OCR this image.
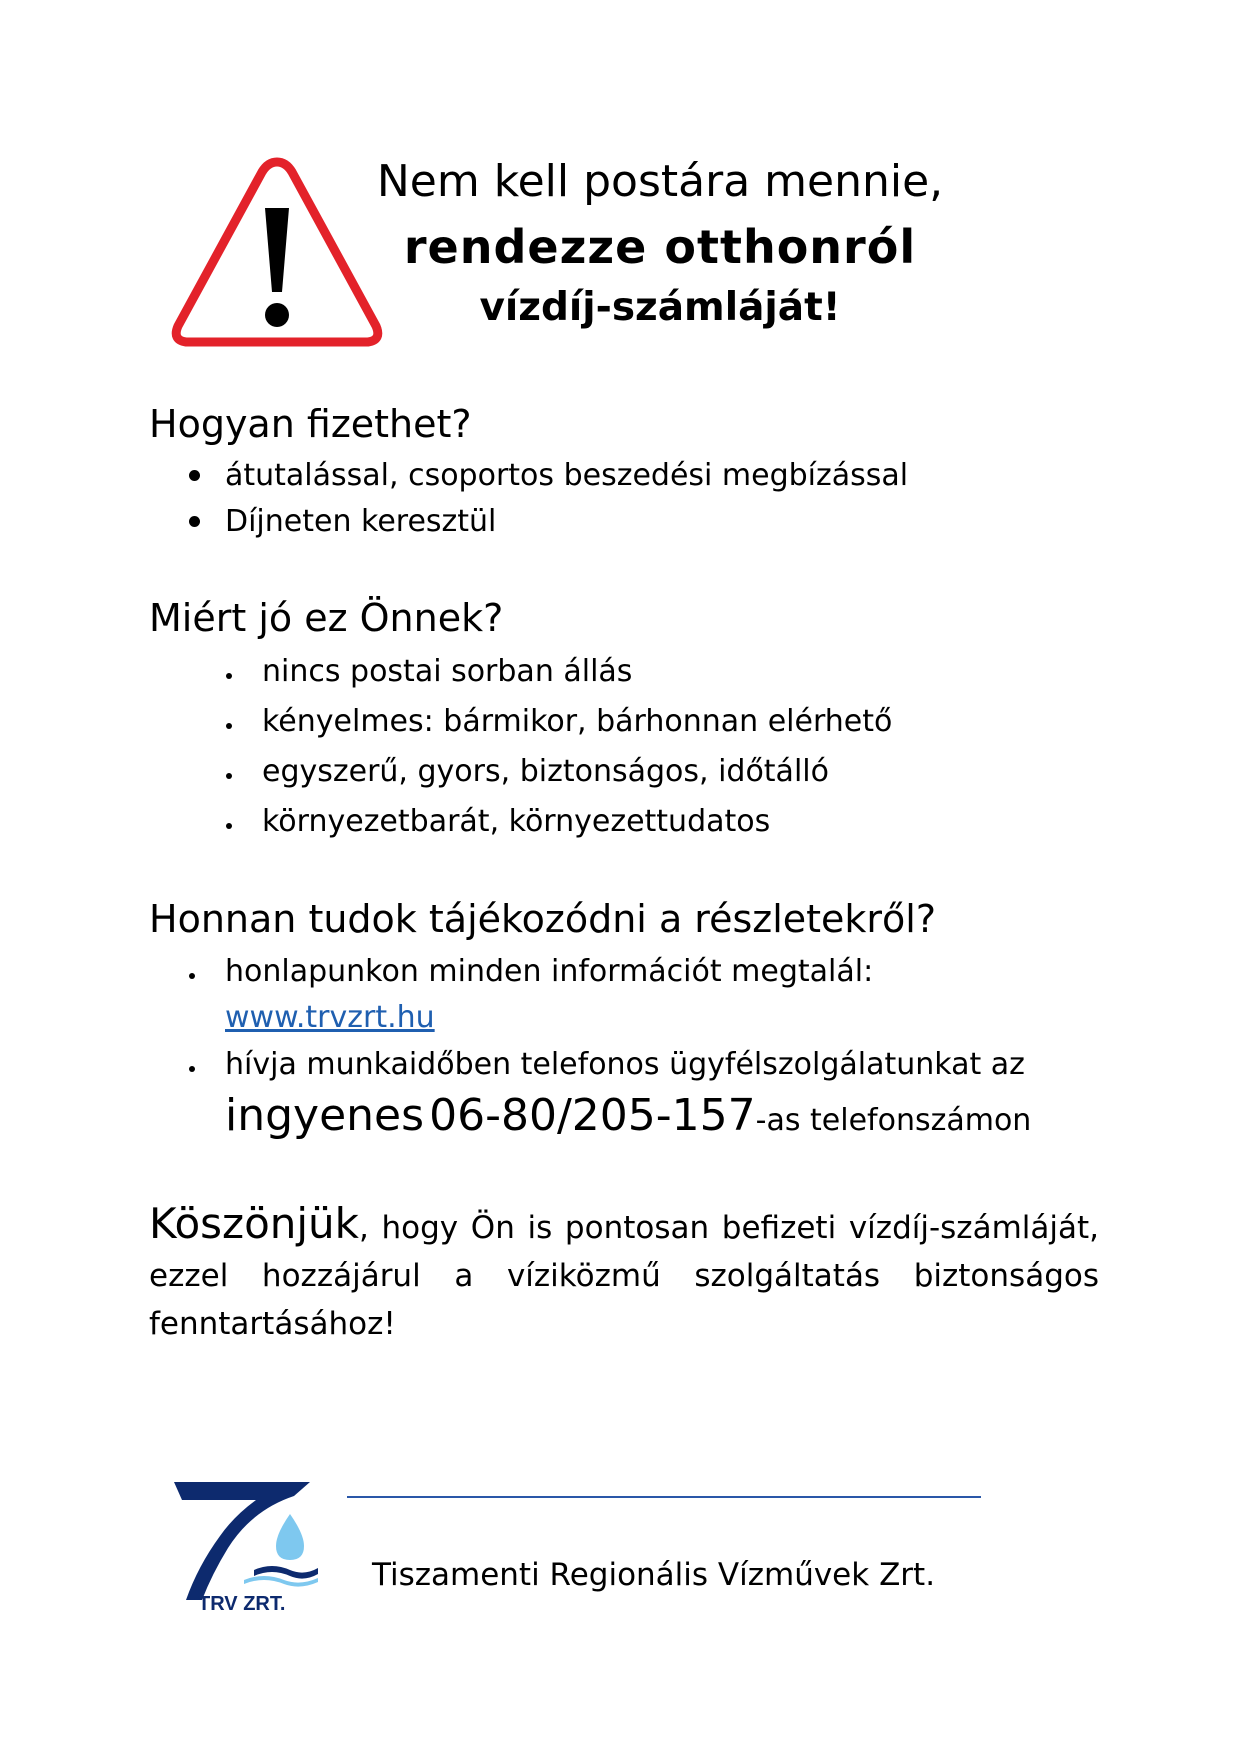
Nem kell postára mennie,
rendezze otthonról
vízdíj-számláját!
Hogyan fizethet?
átutalással, csoportos beszedési megbízással
Díjneten keresztül
Miért jó ez Önnek?
nincs postai sorban állás
kényelmes: bármikor, bárhonnan elérhető
egyszerű, gyors, biztonságos, időtálló
környezetbarát, környezettudatos
Honnan tudok tájékozódni a részletekről?
honlapunkon minden információt megtalál:
www.trvzrt.hu
hívja munkaidőben telefonos ügyfélszolgálatunkat az
ingyenes 06-80/205-157-as telefonszámon
Köszönjük, hogy Ön is pontosan befizeti vízdíj-számláját, ezzel hozzájárul a víziközmű szolgáltatás biztonságos fenntartásához!
TRV ZRT.
Tiszamenti Regionális Vízművek Zrt.
